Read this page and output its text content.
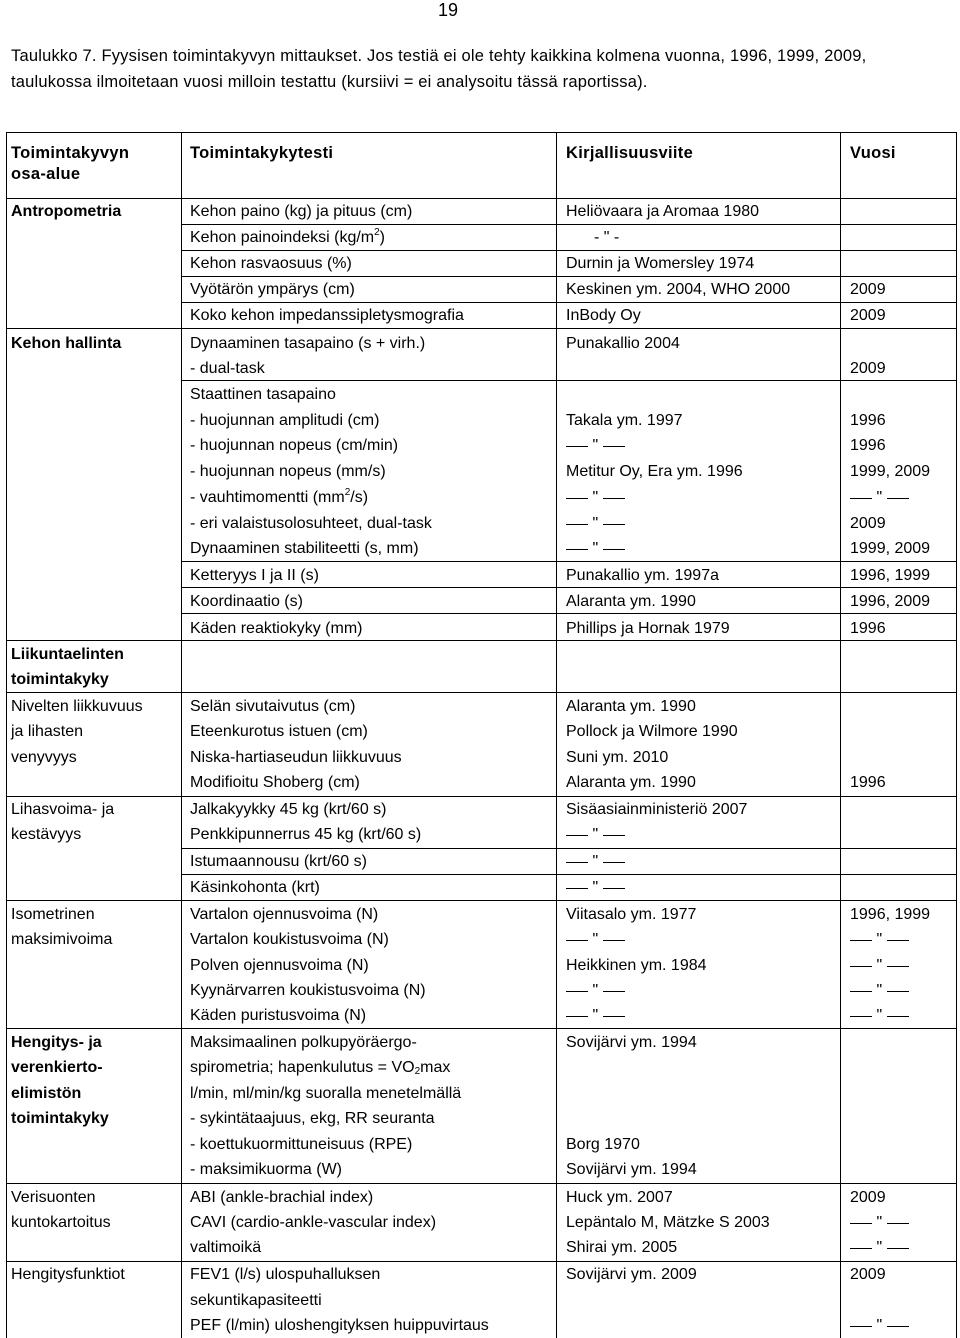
19
Taulukko 7. Fyysisen toimintakyvyn mittaukset. Jos testiä ei ole tehty kaikkina kolmena vuonna, 1996, 1999, 2009, taulukossa ilmoitetaan vuosi milloin testattu (kursiivi = ei analysoitu tässä raportissa).
Toimintakyvyn
osa-alue
Toimintakykytesti	Kirjallisuusviite	Vuosi
Antropometria
Kehon hallinta
Liikuntaelinten
toimintakyky
Nivelten liikkuvuus
ja lihasten
venyvyys
Lihasvoima- ja
kestävyys
Isometrinen
maksimivoima
Hengitys- ja
verenkierto-
elimistön
toimintakyky
Verisuonten
kuntokartoitus
Hengitysfunktiot
Kehon paino (kg) ja pituus (cm)
Kehon painoindeksi $(kg/m^2)$
Kehon rasvaosuus (%)
Vyötärön ympärys (cm)
Koko kehon impedanssipletysmografia
Dynaaminen tasapaino (s + virh.)
- dual-task
Staattinen tasapaino
- huojunnan amplitudi (cm)
- huojunnan nopeus (cm/min)
- huojunnan nopeus (mm/s)
- vauhtimomentti $(mm^2/s)$
- eri valaistusolosuhteet, dual-task
Dynaaminen stabiliteetti (s, mm)
Ketteryys I ja II (s)
Koordinaatio (s)
Käden reaktiokyky (mm)
Selän sivutaivutus (cm)
Eteenkurotus istuen (cm)
Niska-hartiaseudun liikkuvuus
Modifioitu Shoberg (cm)
Jalkakyykky 45 kg (krt/60 s)
Penkkipunnerrus 45 kg (krt/60 s)
Istumaannousu (krt/60 s)
Käsinkohonta (krt)
Vartalon ojennusvoima (N)
Vartalon koukistusvoima (N)
Polven ojennusvoima (N)
Kyynärvarren koukistusvoima (N)
Käden puristusvoima (N)
Maksimaalinen polkupyöräergo-
spirometria; hapenkulutus = $VO_2\max$
l/min, ml/min/kg suoralla menetelmällä
- sykintätaajuus, ekg, RR seuranta
- koettukuormittuneisuus (RPE)
- maksimikuorma (W)
ABI (ankle-brachial index)
CAVI (cardio-ankle-vascular index)
valtimoikä
FEV1 (l/s) ulospuhalluksen
sekuntikapasiteetti
PEF (l/min) uloshengityksen huippuvirtaus
Heliövaara ja Aromaa 1980
- " -
Durnin ja Womersley 1974
Keskinen ym. 2004, WHO 2000
InBody Oy
Punakallio 2004
Takala ym. 1997
"
Metitur Oy, Era ym. 1996
"
"
"
Punakallio ym. 1997a
Alaranta ym. 1990
Phillips ja Hornak 1979
Alaranta ym. 1990
Pollock ja Wilmore 1990
Suni ym. 2010
Alaranta ym. 1990
Sisäasiainministeriö 2007
"
"
"
Viitasalo ym. 1977
"
Heikkinen ym. 1984
"
"
Sovijärvi ym. 1994
Borg 1970
Sovijärvi ym. 1994
Huck ym. 2007
Lepäntalo M, Mätzke S 2003
Shirai ym. 2005
Sovijärvi ym. 2009
2009
2009
2009
1996
1996
1999, 2009
"
2009
1999, 2009
1996, 1999
1996, 2009
1996
1996
1996, 1999
"
"
"
"
2009
"
"
2009
"
